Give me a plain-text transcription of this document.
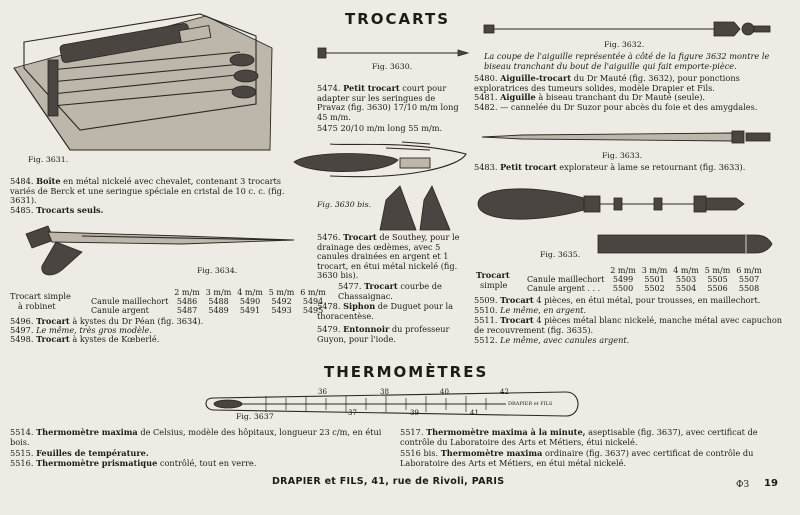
TROCARTS
THERMOMÈTRES
Fig. 3631.
5484. Boîte en métal nickelé avec chevalet, contenant 3 trocarts variés de Berck et une seringue spéciale en cristal de 10 c. c. (fig. 3631).
5485. Trocarts seuls.
Fig. 3634.
Trocart simple
à robinet
	2 m/m	3 m/m	4 m/m	5 m/m	6 m/m
Canule maillechort	5486	5488	5490	5492	5494
Canule argent	5487	5489	5491	5493	5495
5496. Trocart à kystes du Dr Péan (fig. 3634).
5497. Le même, très gros modèle.
5498. Trocart à kystes de Kœberlé.
Fig. 3630.
5474. Petit trocart court pour adapter sur les seringues de Pravaz (fig. 3630) 17/10 m/m long 45 m/m.
5475 20/10 m/m long 55 m/m.
Fig. 3630 bis.
5476. Trocart de Southey, pour le drainage des œdèmes, avec 5 canules drainées en argent et 1 trocart, en étui métal nickelé (fig. 3630 bis).
5477. Trocart courbe de Chassaignac.
5478. Siphon de Duguet pour la thoracentèse.
5479. Entonnoir du professeur Guyon, pour l'iode.
Fig. 3632.
La coupe de l'aiguille représentée à côté de la figure 3632 montre le biseau tranchant du bout de l'aiguille qui fait emporte-pièce.
5480. Aiguille-trocart du Dr Mauté (fig. 3632), pour ponctions exploratrices des tumeurs solides, modèle Drapier et Fils.
5481. Aiguille à biseau tranchant du Dr Mauté (seule).
5482. — cannelée du Dr Suzor pour abcès du foie et des amygdales.
Fig. 3633.
5483. Petit trocart explorateur à lame se retournant (fig. 3633).
Fig. 3635.
Trocart
simple
	2 m/m	3 m/m	4 m/m	5 m/m	6 m/m
Canule maillechort	5499	5501	5503	5505	5507
Canule argent . . .	5500	5502	5504	5506	5508
5509. Trocart 4 pièces, en étui métal, pour trousses, en maillechort.
5510. Le même, en argent.
5511. Trocart 4 pièces métal blanc nickelé, manche métal avec capuchon de recouvrement (fig. 3635).
5512. Le même, avec canules argent.
36	38	40	42
37	39	41
DRAPIER et FILS
Fig. 3637
5514. Thermomètre maxima de Celsius, modèle des hôpitaux, longueur 23 c/m, en étui bois.
5515. Feuilles de température.
5516. Thermomètre prismatique contrôlé, tout en verre.
5517. Thermomètre maxima à la minute, aseptisable (fig. 3637), avec certificat de contrôle du Laboratoire des Arts et Métiers, étui nickelé.
5516 bis. Thermomètre maxima ordinaire (fig. 3637) avec certificat de contrôle du Laboratoire des Arts et Métiers, en étui métal nickelé.
DRAPIER et FILS, 41, rue de Rivoli, PARIS	ФЗ 19
